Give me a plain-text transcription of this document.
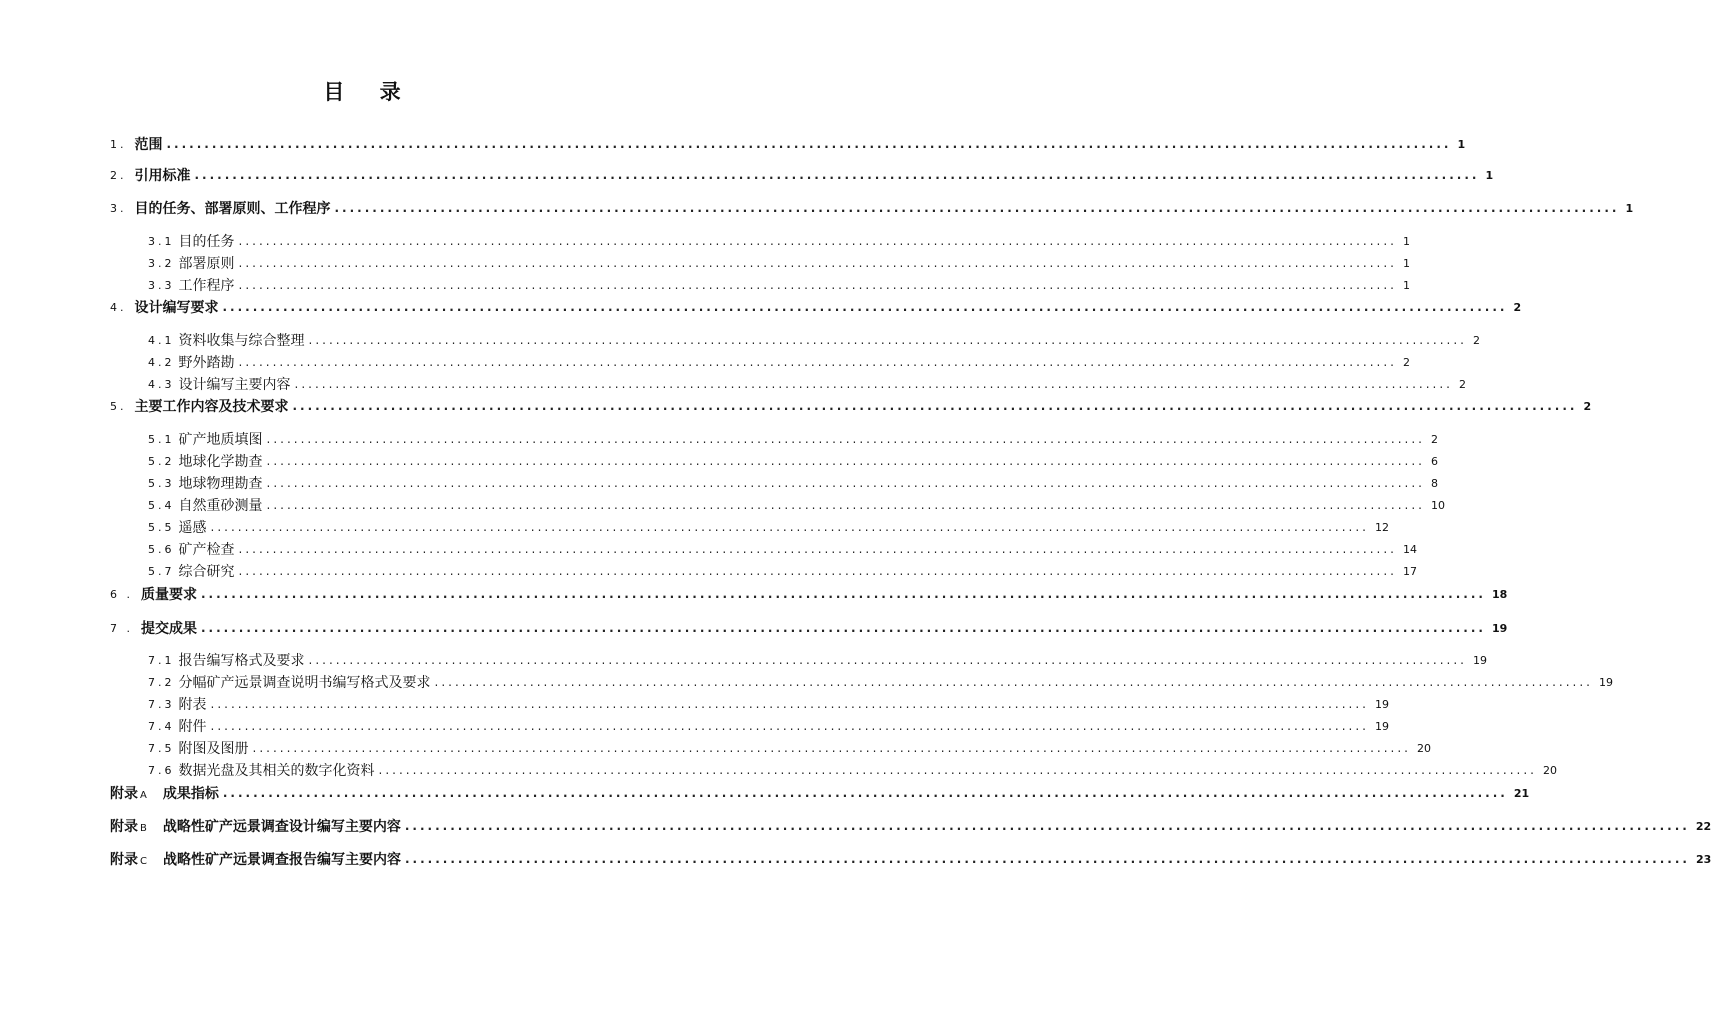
目 录
1. 范围 .......................................................................................................................................................................... 1
2. 引用标准 .......................................................................................................................................................................... 1
3. 目的任务、部署原则、工作程序 .......................................................................................................................................................................... 1
3.1 目的任务 .......................................................................................................................................................................... 1
3.2 部署原则 .......................................................................................................................................................................... 1
3.3 工作程序 .......................................................................................................................................................................... 1
4. 设计编写要求 .......................................................................................................................................................................... 2
4.1 资料收集与综合整理 .......................................................................................................................................................................... 2
4.2 野外踏勘 .......................................................................................................................................................................... 2
4.3 设计编写主要内容 .......................................................................................................................................................................... 2
5. 主要工作内容及技术要求 .......................................................................................................................................................................... 2
5.1 矿产地质填图 .......................................................................................................................................................................... 2
5.2 地球化学勘查 .......................................................................................................................................................................... 6
5.3 地球物理勘查 .......................................................................................................................................................................... 8
5.4 自然重砂测量 .......................................................................................................................................................................... 10
5.5 遥感 .......................................................................................................................................................................... 12
5.6 矿产检查 .......................................................................................................................................................................... 14
5.7 综合研究 .......................................................................................................................................................................... 17
6 . 质量要求 .......................................................................................................................................................................... 18
7 . 提交成果 .......................................................................................................................................................................... 19
7.1 报告编写格式及要求 .......................................................................................................................................................................... 19
7.2 分幅矿产远景调查说明书编写格式及要求 .......................................................................................................................................................................... 19
7.3 附表 .......................................................................................................................................................................... 19
7.4 附件 .......................................................................................................................................................................... 19
7.5 附图及图册 .......................................................................................................................................................................... 20
7.6 数据光盘及其相关的数字化资料 .......................................................................................................................................................................... 20
附录 A 成果指标 .......................................................................................................................................................................... 21
附录 B 战略性矿产远景调查设计编写主要内容 .......................................................................................................................................................................... 22
附录 C 战略性矿产远景调查报告编写主要内容 .......................................................................................................................................................................... 23
